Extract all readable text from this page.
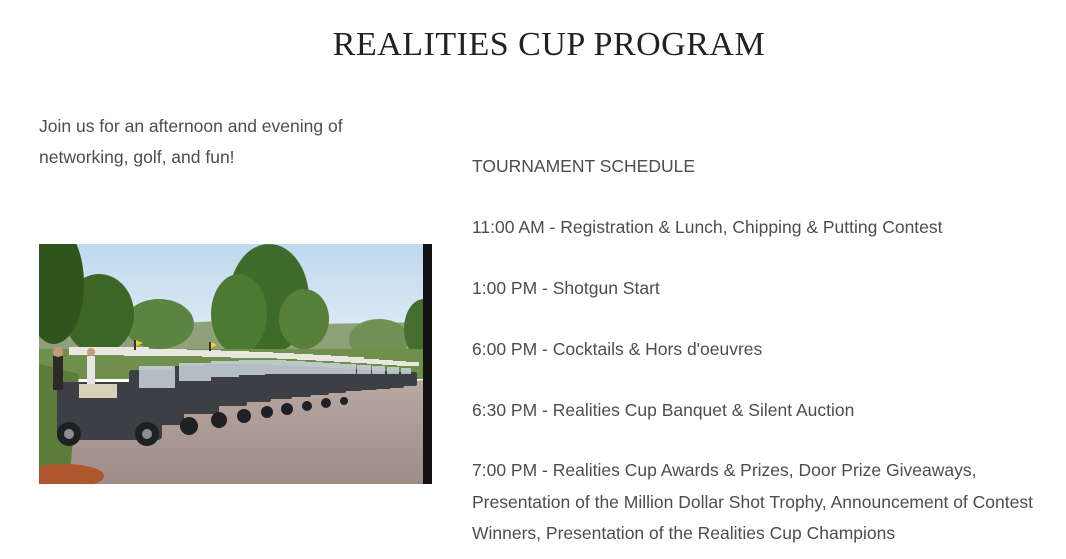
REALITIES CUP PROGRAM
Join us for an afternoon and evening of networking, golf, and fun!	TOURNAMENT SCHEDULE

11:00 AM - Registration & Lunch, Chipping & Putting Contest

1:00 PM - Shotgun Start

6:00 PM - Cocktails & Hors d'oeuvres

6:30 PM - Realities Cup Banquet & Silent Auction

7:00 PM - Realities Cup Awards & Prizes, Door Prize Giveaways, Presentation of the Million Dollar Shot Trophy, Announcement of Contest Winners, Presentation of the Realities Cup Champions
